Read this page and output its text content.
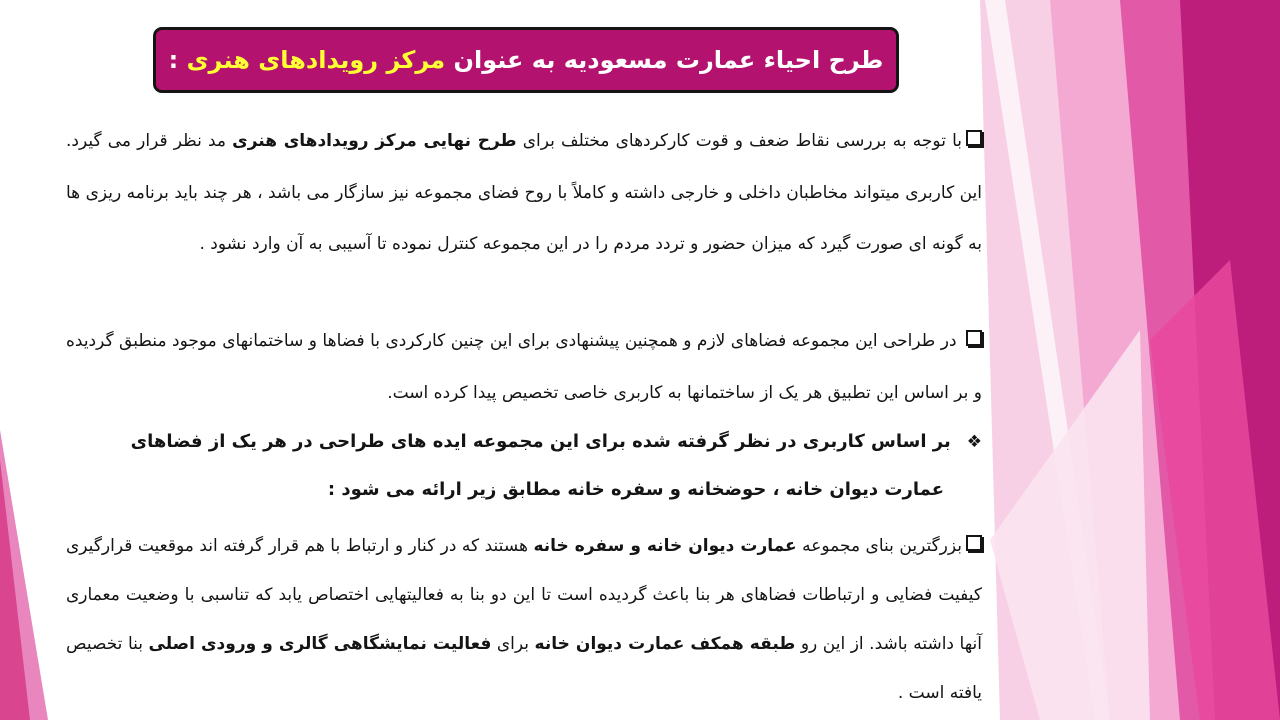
طرح احیاء عمارت مسعودیه به عنوان مرکز رویدادهای هنری :
با توجه به بررسی نقاط ضعف و قوت کارکردهای مختلف برای طرح نهایی مرکز رویدادهای هنری مد نظر قرار می گیرد. این کاربری میتواند مخاطبان داخلی و خارجی داشته و کاملاً با روح فضای مجموعه نیز سازگار می باشد ، هر چند باید برنامه ریزی ها به گونه ای صورت گیرد که میزان حضور و تردد مردم را در این مجموعه کنترل نموده تا آسیبی به آن وارد نشود .
در طراحی این مجموعه فضاهای لازم و همچنین پیشنهادی برای این چنین کارکردی با فضاها و ساختمانهای موجود منطبق گردیده و بر اساس این تطبیق هر یک از ساختمانها به کاربری خاصی تخصیص پیدا کرده است.
❖بر اساس کاربری در نظر گرفته شده برای این مجموعه ایده های طراحی در هر یک از فضاهای
عمارت دیوان خانه ، حوضخانه و سفره خانه مطابق زیر ارائه می شود :
بزرگترین بنای مجموعه عمارت دیوان خانه و سفره خانه هستند که در کنار و ارتباط با هم قرار گرفته اند موقعیت قرارگیری کیفیت فضایی و ارتباطات فضاهای هر بنا باعث گردیده است تا این دو بنا به فعالیتهایی اختصاص یابد که تناسبی با وضعیت معماری آنها داشته باشد. از این رو طبقه همکف عمارت دیوان خانه برای فعالیت نمایشگاهی گالری و ورودی اصلی بنا تخصیص یافته است .
